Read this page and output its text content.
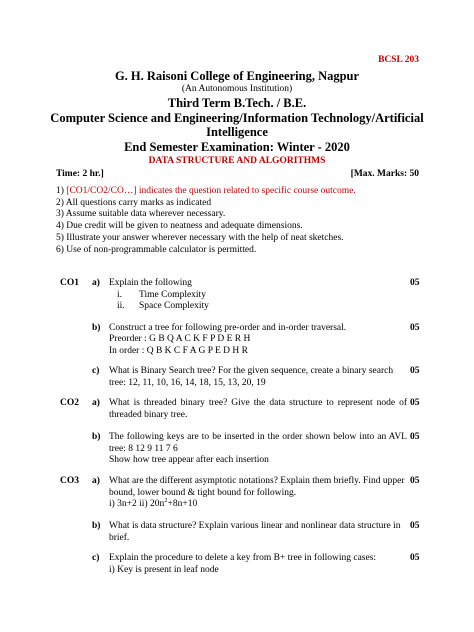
BCSL 203
G. H. Raisoni College of Engineering, Nagpur
(An Autonomous Institution)
Third Term B.Tech. / B.E.
Computer Science and Engineering/Information Technology/Artificial
Intelligence
End Semester Examination: Winter - 2020
DATA STRUCTURE AND ALGORITHMS
Time: 2 hr.]	[Max. Marks: 50
1) [CO1/CO2/CO…] indicates the question related to specific course outcome.
2) All questions carry marks as indicated
3) Assume suitable data wherever necessary.
4) Due credit will be given to neatness and adequate dimensions.
5) Illustrate your answer wherever necessary with the help of neat sketches.
6) Use of non-programmable calculator is permitted.
CO1 a) Explain the following
i. Time Complexity
ii. Space Complexity
05
b) Construct a tree for following pre-order and in-order traversal.
Preorder : G B Q A C K F P D E R H
In order : Q B K C F A G P E D H R
05
c) What is Binary Search tree? For the given sequence, create a binary search tree: 12, 11, 10, 16, 14, 18, 15, 13, 20, 19
05
CO2 a) What is threaded binary tree? Give the data structure to represent node of threaded binary tree.
05
b) The following keys are to be inserted in the order shown below into an AVL tree: 8 12 9 11 7 6
Show how tree appear after each insertion
05
CO3 a) What are the different asymptotic notations? Explain them briefly. Find upper bound, lower bound & tight bound for following.
i) 3n+2 ii) $20n^2+8n+10$
05
b) What is data structure? Explain various linear and nonlinear data structure in brief.
05
c) Explain the procedure to delete a key from B+ tree in following cases:
i) Key is present in leaf node
05
